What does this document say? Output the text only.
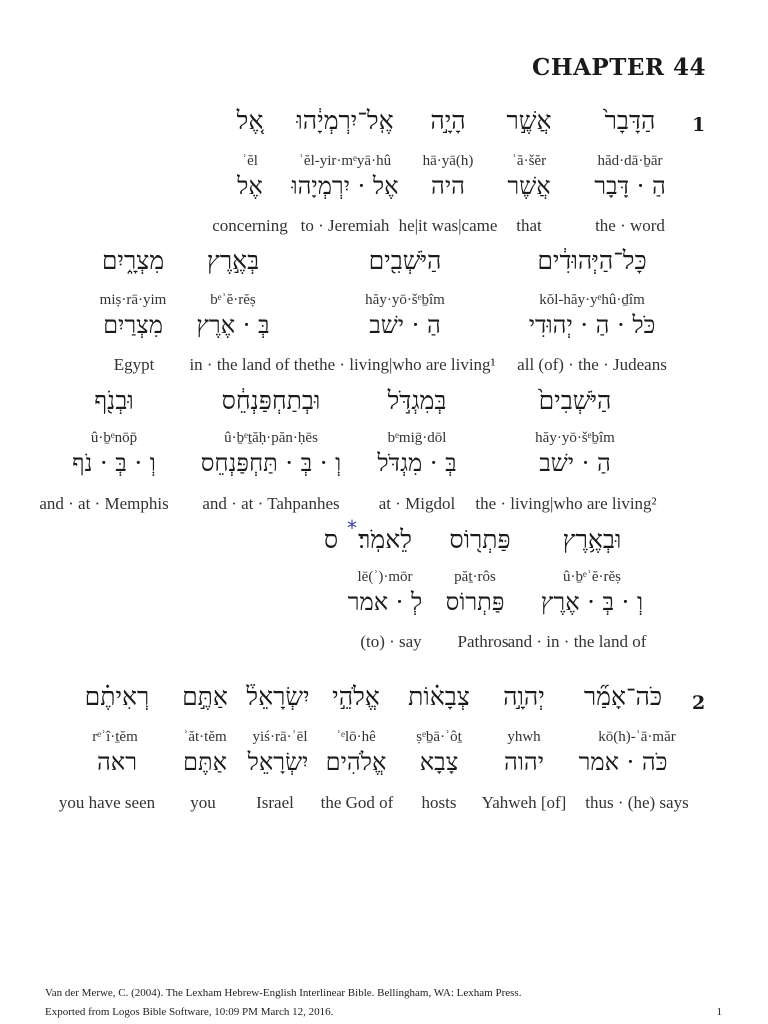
CHAPTER 44
1
הַדָּבָר֙
אֲשֶׁ֣ר
הָיָ֣ה
אֶֽל־יִרְמְיָ֔הוּ
אֶ֚ל
hăd·dā·ḇār
ʾă·šĕr
hā·yā(h)
ʾĕl-yir·mᵉyā·hû
ʾĕl
הַ · דָּבָר
אֲשֶׁר
היה
אֶל · יִרְמְיָהוּ
אֶל
the · word
that
he|it was|came
to · Jeremiah
concerning
כָּל־הַיְּהוּדִ֔ים
הַיֹּשְׁבִ֖ים
בְּאֶ֣רֶץ
מִצְרָ֑יִם
kŏl-hăy·yᵉhû·ḏîm
hăy·yō·šᵉḇîm
bᵉʾĕ·rĕṣ
miṣ·rā·yim
כֹּל · הַ · יְהוּדִי
הַ · ישׁב
בְּ · אֶרֶץ
מִצְרַיִם
all (of) · the · Judeans
the · living|who are living¹
in · the land of the
Egypt
הַיֹּשְׁבִים֙
בְּמִגְדֹּ֣ל
וּבְתַחְפַּנְחֵ֔ס
וּבְנֹ֖ף
hăy·yō·šᵉḇîm
bᵉmiḡ·dōl
û·ḇᵉṯăḥ·păn·ḥēs
û·ḇᵉnōp̄
הַ · ישׁב
בְּ · מִגְדֹּל
וְ · בְּ · תַּחְפַּנְחֵס
וְ · בְּ · נֹף
the · living|who are living²
at · Migdol
and · at · Tahpanhes
and · at · Memphis
וּבְאֶ֥רֶץ
פַּתְר֖וֹס
לֵאמֹֽר׃
*
ס
û·ḇᵉʾĕ·rĕṣ
păṯ·rôs
lē(ʾ)·mōr
וְ · בְּ · אֶרֶץ
פַּתְרוֹס
לְ · אמר
and · in · the land of
Pathros
(to) · say
2
כֹּה־אָמַ֞ר
יְהוָ֣ה
צְבָא֗וֹת
אֱלֹהֵ֣י
יִשְׂרָאֵל֒
אַתֶּ֣ם
רְאִיתֶ֗ם
kō(h)-ʾā·măr
yhwh
ṣᵉḇā·ʾôṯ
ʾᵉlō·hê
yiś·rā·ʾēl
ʾăt·tĕm
rᵉʾî·ṯĕm
כֹּה · אמר
יהוה
צָבָא
אֱלֹהִים
יִשְׂרָאֵל
אַתֶּם
ראה
thus · (he) says
Yahweh [of]
hosts
the God of
Israel
you
you have seen
Van der Merwe, C. (2004). The Lexham Hebrew-English Interlinear Bible. Bellingham, WA: Lexham Press.
Exported from Logos Bible Software, 10:09 PM March 12, 2016.	1
